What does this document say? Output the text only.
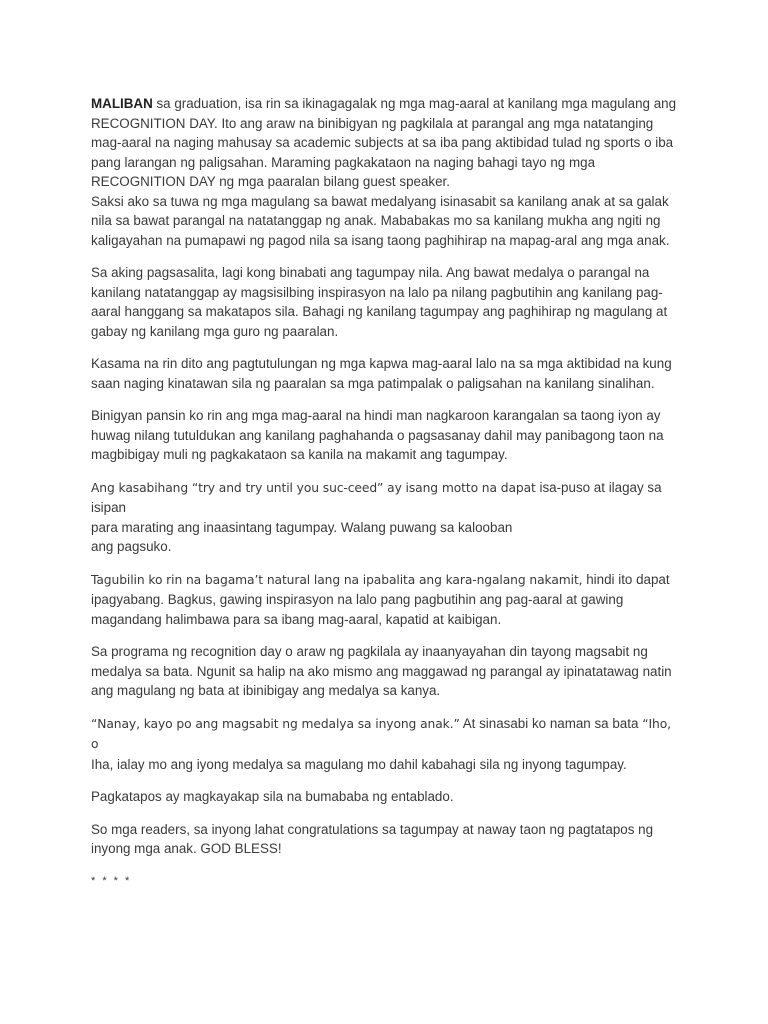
MALIBAN sa graduation, isa rin sa ikinagagalak ng mga mag-aaral at kanilang mga magulang ang
RECOGNITION DAY. Ito ang araw na binibigyan ng pagkilala at parangal ang mga natatanging
mag-aaral na naging mahusay sa academic subjects at sa iba pang aktibidad tulad ng sports o iba
pang larangan ng paligsahan. Maraming pagkakataon na naging bahagi tayo ng mga
RECOGNITION DAY ng mga paaralan bilang guest speaker.
Saksi ako sa tuwa ng mga magulang sa bawat medalyang isinasabit sa kanilang anak at sa galak
nila sa bawat parangal na natatanggap ng anak. Mababakas mo sa kanilang mukha ang ngiti ng
kaligayahan na pumapawi ng pagod nila sa isang taong paghihirap na mapag-aral ang mga anak.

Sa aking pagsasalita, lagi kong binabati ang tagumpay nila. Ang bawat medalya o parangal na
kanilang natatanggap ay magsisilbing inspirasyon na lalo pa nilang pagbutihin ang kanilang pag-
aaral hanggang sa makatapos sila. Bahagi ng kanilang tagumpay ang paghihirap ng magulang at
gabay ng kanilang mga guro ng paaralan.

Kasama na rin dito ang pagtutulungan ng mga kapwa mag-aaral lalo na sa mga aktibidad na kung
saan naging kinatawan sila ng paaralan sa mga patimpalak o paligsahan na kanilang sinalihan.

Binigyan pansin ko rin ang mga mag-aaral na hindi man nagkaroon karangalan sa taong iyon ay
huwag nilang tutuldukan ang kanilang paghahanda o pagsasanay dahil may panibagong taon na
magbibigay muli ng pagkakataon sa kanila na makamit ang tagumpay.

Ang kasabihang “try and try until you suc-ceed” ay isang motto na dapat isa-puso at ilagay sa isipan
para marating ang inaasintang tagumpay. Walang puwang sa kalooban
ang pagsuko.

Tagubilin ko rin na bagama’t natural lang na ipabalita ang kara-ngalang nakamit, hindi ito dapat
ipagyabang. Bagkus, gawing inspirasyon na lalo pang pagbutihin ang pag-aaral at gawing
magandang halimbawa para sa ibang mag-aaral, kapatid at kaibigan.

Sa programa ng recognition day o araw ng pagkilala ay inaanyayahan din tayong magsabit ng
medalya sa bata. Ngunit sa halip na ako mismo ang maggawad ng parangal ay ipinatatawag natin
ang magulang ng bata at ibinibigay ang medalya sa kanya.

“Nanay, kayo po ang magsabit ng medalya sa inyong anak.” At sinasabi ko naman sa bata “Iho, o
Iha, ialay mo ang iyong medalya sa magulang mo dahil kabahagi sila ng inyong tagumpay.

Pagkatapos ay magkayakap sila na bumababa ng entablado.

So mga readers, sa inyong lahat congratulations sa tagumpay at naway taon ng pagtatapos ng
inyong mga anak. GOD BLESS!

* * * *
